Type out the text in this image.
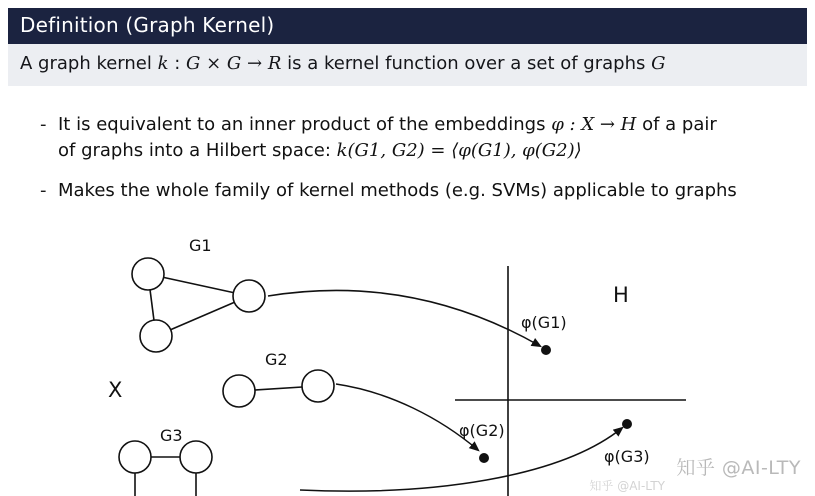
Definition (Graph Kernel)
A graph kernel k : G × G → R is a kernel function over a set of graphs G
- It is equivalent to an inner product of the embeddings φ : X → H of a pair
of graphs into a Hilbert space: k(G1, G2) = ⟨φ(G1), φ(G2)⟩
- Makes the whole family of kernel methods (e.g. SVMs) applicable to graphs
G1
G2
G3
X
H
φ(G1)
φ(G2)
φ(G3)
知乎 @AI-LTY
知乎 @AI-LTY
